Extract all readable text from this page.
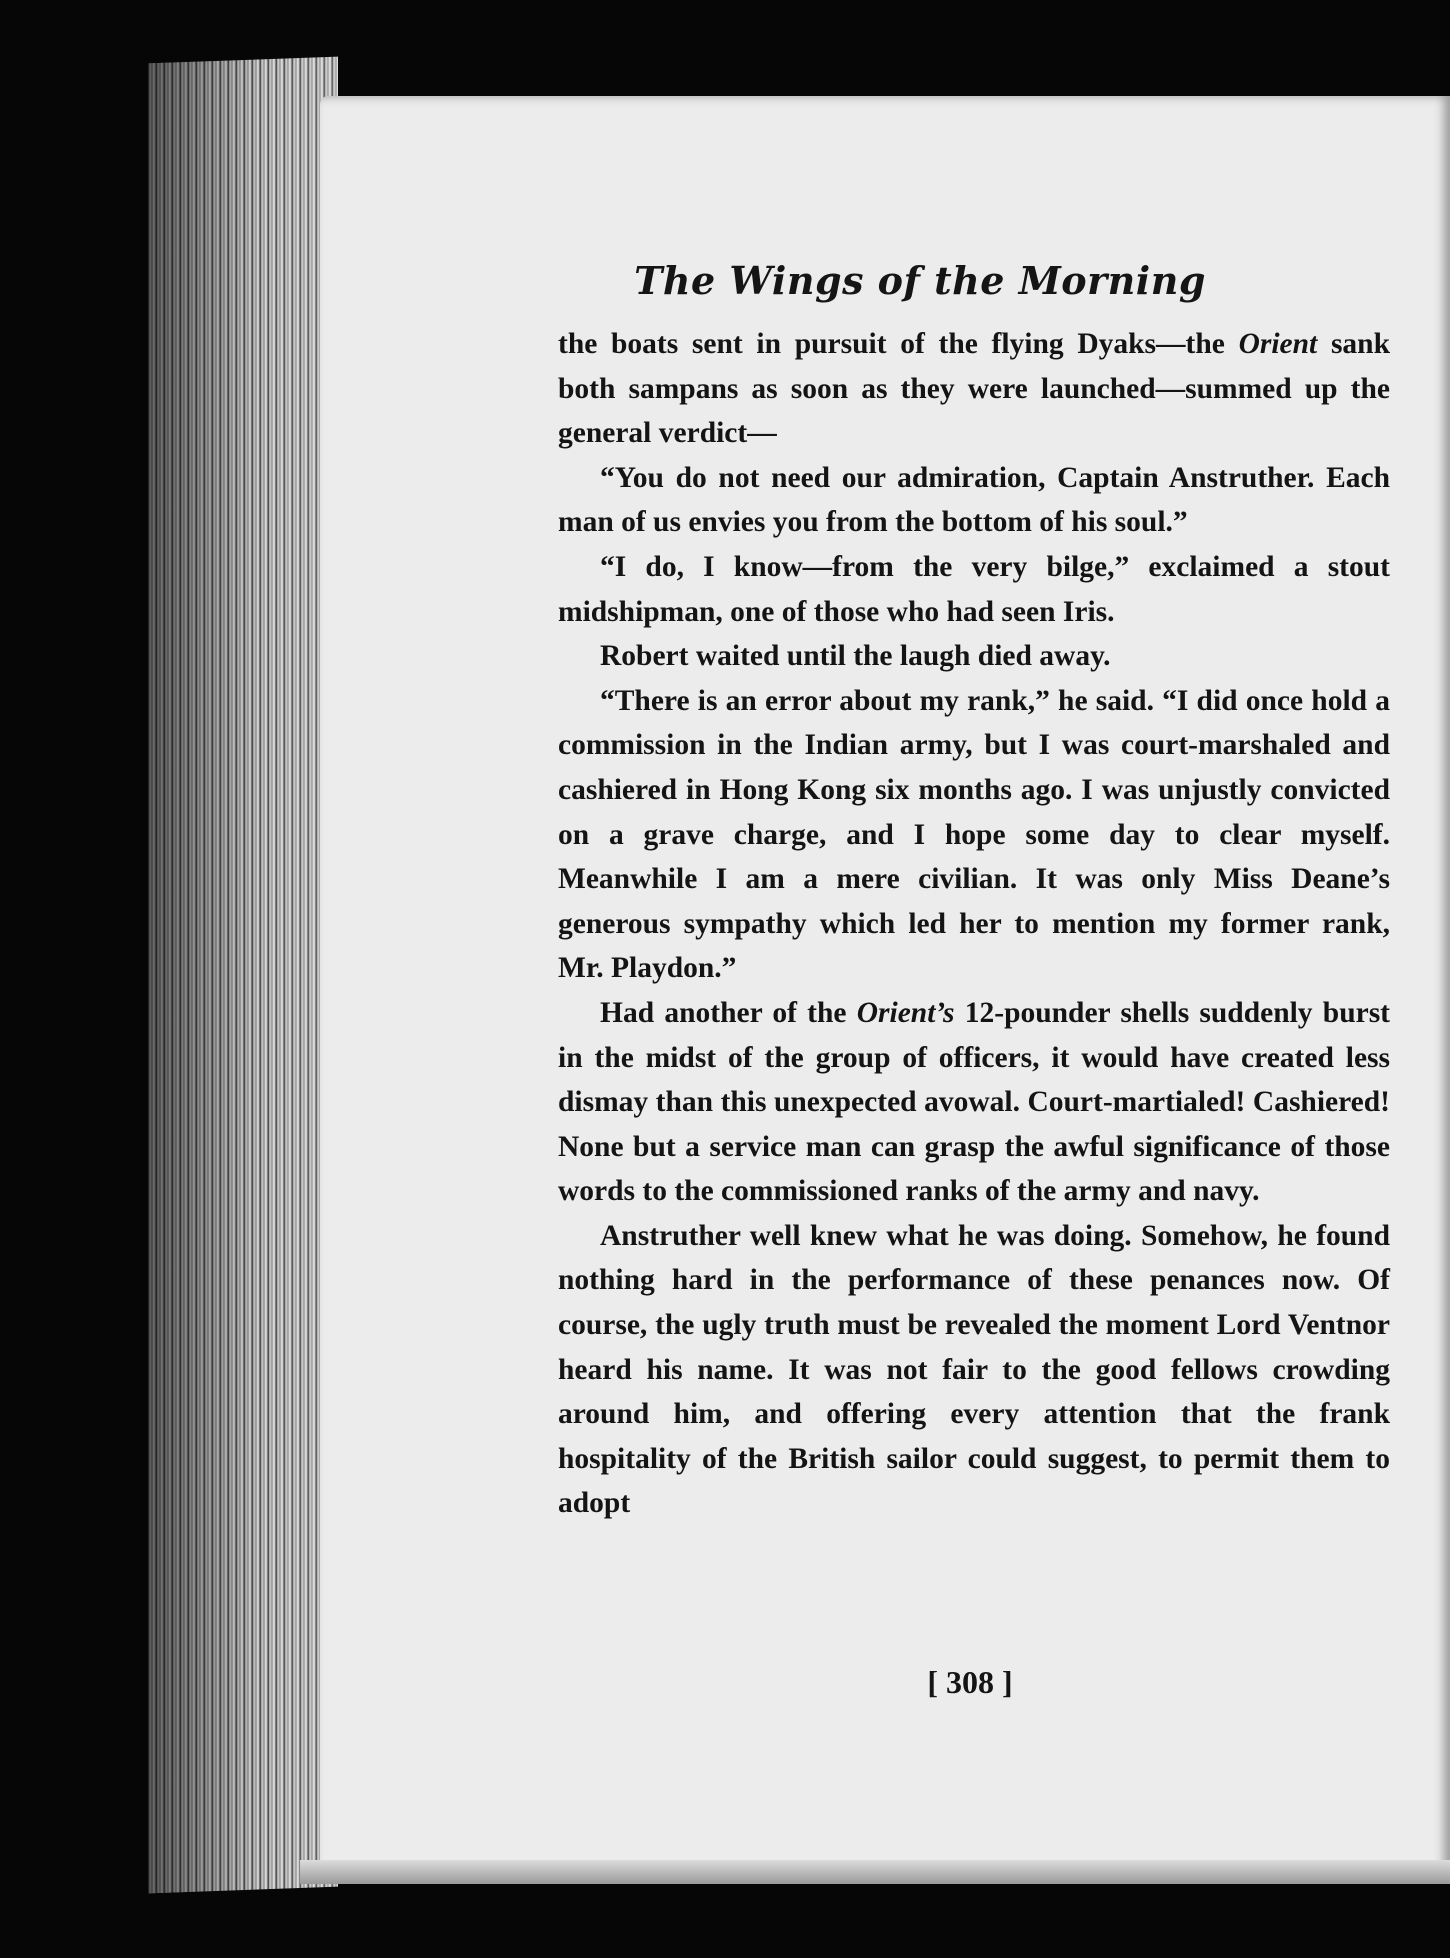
The Wings of the Morning

the boats sent in pursuit of the flying Dyaks—the Orient sank both sampans as soon as they were launched—summed up the general verdict—

“You do not need our admiration, Captain Anstruther. Each man of us envies you from the bottom of his soul.”

“I do, I know—from the very bilge,” exclaimed a stout midshipman, one of those who had seen Iris.

Robert waited until the laugh died away.

“There is an error about my rank,” he said. “I did once hold a commission in the Indian army, but I was court-marshaled and cashiered in Hong Kong six months ago. I was unjustly convicted on a grave charge, and I hope some day to clear myself. Meanwhile I am a mere civilian. It was only Miss Deane’s generous sympathy which led her to mention my former rank, Mr. Playdon.”

Had another of the Orient’s 12-pounder shells suddenly burst in the midst of the group of officers, it would have created less dismay than this unexpected avowal. Court-martialed! Cashiered! None but a service man can grasp the awful significance of those words to the commissioned ranks of the army and navy.

Anstruther well knew what he was doing. Somehow, he found nothing hard in the performance of these penances now. Of course, the ugly truth must be revealed the moment Lord Ventnor heard his name. It was not fair to the good fellows crowding around him, and offering every attention that the frank hospitality of the British sailor could suggest, to permit them to adopt

[ 308 ]
